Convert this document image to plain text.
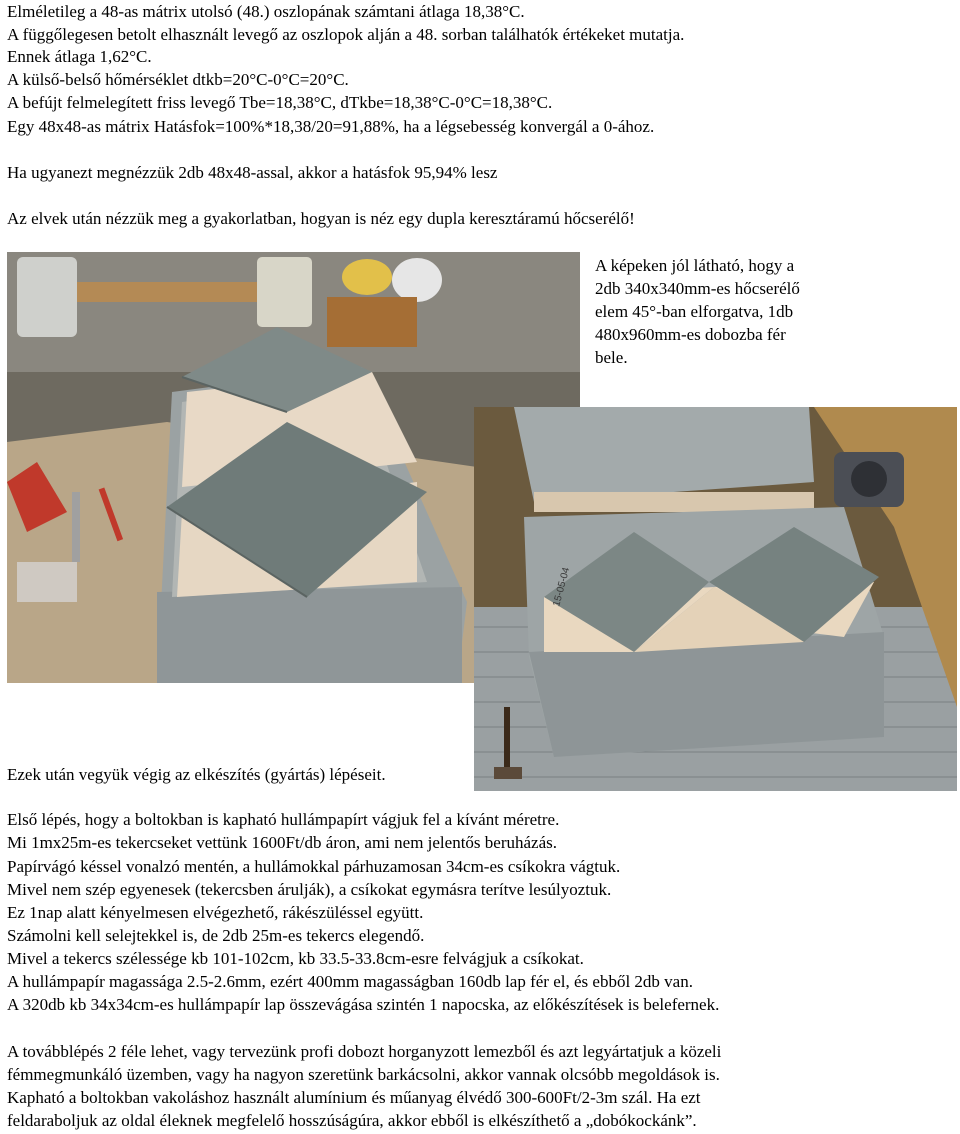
Elméletileg a 48-as mátrix utolsó (48.) oszlopának számtani átlaga 18,38°C.
A függőlegesen betolt elhasznált levegő az oszlopok alján a 48. sorban találhatók értékeket mutatja.
Ennek átlaga 1,62°C.
A külső-belső hőmérséklet dtkb=20°C-0°C=20°C.
A befújt felmelegített friss levegő Tbe=18,38°C, dTkbe=18,38°C-0°C=18,38°C.
Egy 48x48-as mátrix Hatásfok=100%*18,38/20=91,88%, ha a légsebesség konvergál a 0-ához.
Ha ugyanezt megnézzük 2db 48x48-assal, akkor a hatásfok 95,94% lesz
Az elvek után nézzük meg a gyakorlatban, hogyan is néz egy dupla keresztáramú hőcserélő!
A képeken jól látható, hogy a
2db 340x340mm-es hőcserélő
elem 45°-ban elforgatva, 1db
480x960mm-es dobozba fér
bele.
15-05-04
Ezek után vegyük végig az elkészítés (gyártás) lépéseit.
Első lépés, hogy a boltokban is kapható hullámpapírt vágjuk fel a kívánt méretre.
Mi 1mx25m-es tekercseket vettünk 1600Ft/db áron, ami nem jelentős beruházás.
Papírvágó késsel vonalzó mentén, a hullámokkal párhuzamosan 34cm-es csíkokra vágtuk.
Mivel nem szép egyenesek (tekercsben árulják), a csíkokat egymásra terítve lesúlyoztuk.
Ez 1nap alatt kényelmesen elvégezhető, rákészüléssel együtt.
Számolni kell selejtekkel is, de 2db 25m-es tekercs elegendő.
Mivel a tekercs szélessége kb 101-102cm, kb 33.5-33.8cm-esre felvágjuk a csíkokat.
A hullámpapír magassága 2.5-2.6mm, ezért 400mm magasságban 160db lap fér el, és ebből 2db van.
A 320db kb 34x34cm-es hullámpapír lap összevágása szintén 1 napocska, az előkészítések is belefernek.
A továbblépés 2 féle lehet, vagy tervezünk profi dobozt horganyzott lemezből és azt legyártatjuk a közeli
fémmegmunkáló üzemben, vagy ha nagyon szeretünk barkácsolni, akkor vannak olcsóbb megoldások is.
Kapható a boltokban vakoláshoz használt alumínium és műanyag élvédő 300-600Ft/2-3m szál. Ha ezt
feldaraboljuk az oldal éleknek megfelelő hosszúságúra, akkor ebből is elkészíthető a „dobókockánk”.
